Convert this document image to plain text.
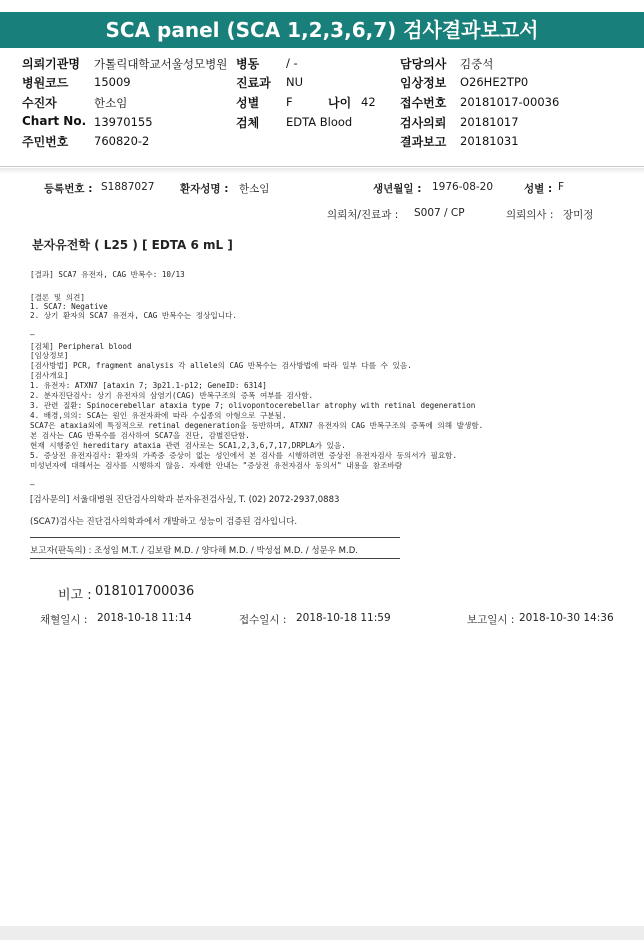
SCA panel (SCA 1,2,3,6,7) 검사결과보고서
의뢰기관명 가톨릭대학교서울성모병원 병동 / -	담당의사 김중석
병원코드 15009	진료과 NU	임상정보 O26HE2TP0
수진자	한소임	성별 F	나이 42 접수번호 20181017-00036
Chart No. 13970155	검체 EDTA Blood	검사의뢰 20181017
주민번호 760820-2	결과보고 20181031
등록번호 : S1887027 환자성명 : 한소임	생년월일 : 1976-08-20	성별 : F
의뢰처/진료과 : S007 / CP	의뢰의사 : 장미정
분자유전학 ( L25 ) [ EDTA 6 mL ]
[결과] SCA7 유전자, CAG 반복수: 10/13
[결론 및 의견]
1. SCA7: Negative
2. 상기 환자의 SCA7 유전자, CAG 반복수는 정상입니다.
—
[검체] Peripheral blood
[임상정보]
[검사방법] PCR, fragment analysis 각 allele의 CAG 반복수는 검사방법에 따라 일부 다를 수 있음.
[검사개요]
1. 유전자: ATXN7 [ataxin 7; 3p21.1-p12; GeneID: 6314]
2. 분자진단검사: 상기 유전자의 삼염기(CAG) 반복구조의 증폭 여부를 검사함.
3. 관련 질환: Spinocerebellar ataxia type 7; olivopontocerebellar atrophy with retinal degeneration
4. 배경,의의: SCA는 원인 유전자좌에 따라 수십종의 아형으로 구분됨.
SCA7은 ataxia외에 특징적으로 retinal degeneration을 동반하며, ATXN7 유전자의 CAG 반복구조의 증폭에 의해 발생함.
본 검사는 CAG 반복수를 검사하여 SCA7을 진단, 감별진단함.
현재 시행중인 hereditary ataxia 관련 검사로는 SCA1,2,3,6,7,17,DRPLA가 있음.
5. 증상전 유전자검사: 환자의 가족중 증상이 없는 성인에서 본 검사를 시행하려면 증상전 유전자검사 동의서가 필요함.
미성년자에 대해서는 검사를 시행하지 않음. 자세한 안내는 "증상전 유전자검사 동의서" 내용을 참조바람
—
[검사문의] 서울대병원 진단검사의학과 분자유전검사실, T. (02) 2072-2937,0883
(SCA7)검사는 진단검사의학과에서 개발하고 성능이 검증된 검사입니다.
보고자(판독의) : 조성임 M.T. / 김보람 M.D. / 양다해 M.D. / 박성섭 M.D. / 성문우 M.D.
비고 : 018101700036
채혈일시 : 2018-10-18 11:14	접수일시 : 2018-10-18 11:59	보고일시 : 2018-10-30 14:36
